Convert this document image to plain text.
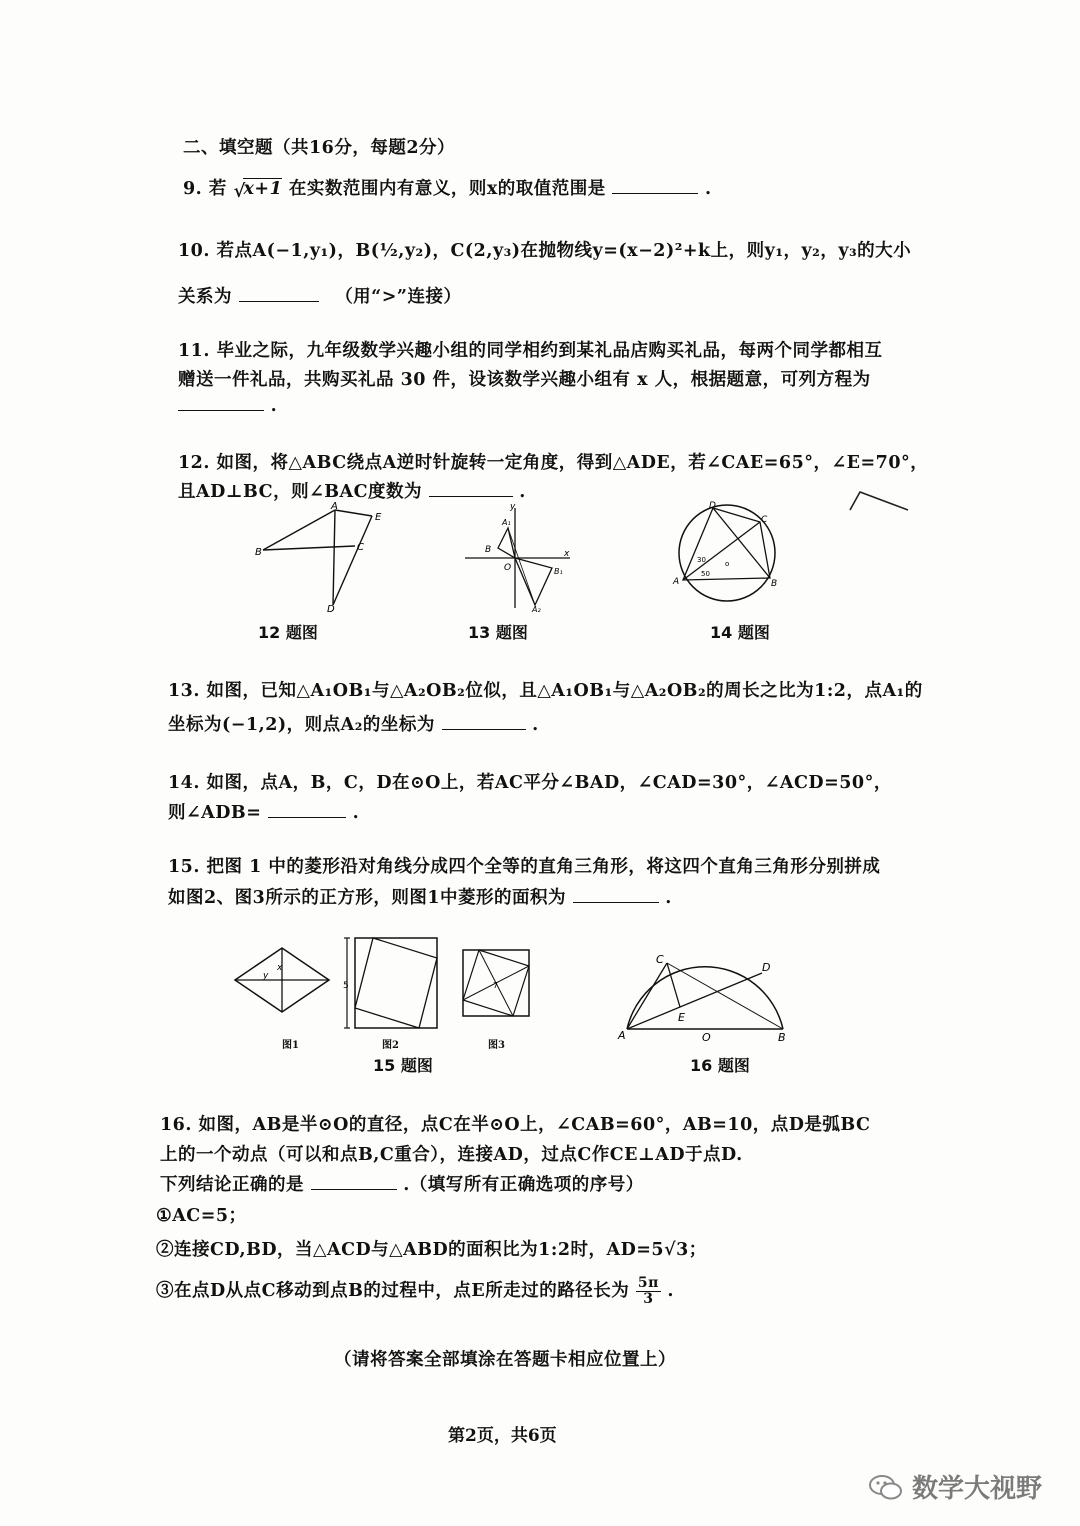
二、填空题（共16分，每题2分）
9. 若 √
x+1 在实数范围内有意义，则x的取值范围是	.
10. 若点A(−1,y₁)，B(½,y₂)，C(2,y₃)在抛物线y=(x−2)²+k上，则y₁，y₂，y₃的大小
关系为	（用“>”连接）
11. 毕业之际，九年级数学兴趣小组的同学相约到某礼品店购买礼品，每两个同学都相互
赠送一件礼品，共购买礼品 30 件，设该数学兴趣小组有 x 人，根据题意，可列方程为
.
12. 如图，将△ABC绕点A逆时针旋转一定角度，得到△ADE，若∠CAE=65°，∠E=70°，
且AD⊥BC，则∠BAC度数为	.
A
B	C
D
E
y
x
A₁
B
O	B₁
A₂
D
C
A	B
30
50
o
12 题图	13 题图	14 题图
13. 如图，已知△A₁OB₁与△A₂OB₂位似，且△A₁OB₁与△A₂OB₂的周长之比为1:2，点A₁的
坐标为(−1,2)，则点A₂的坐标为	.
14. 如图，点A，B，C，D在⊙O上，若AC平分∠BAD，∠CAD=30°，∠ACD=50°，
则∠ADB=	.
15. 把图 1 中的菱形沿对角线分成四个全等的直角三角形，将这四个直角三角形分别拼成
如图2、图3所示的正方形，则图1中菱形的面积为	.
y
x
5	7
图1	图2	图3
15 题图
C
D
A
E
O	B
16 题图
16. 如图，AB是半⊙O的直径，点C在半⊙O上，∠CAB=60°，AB=10，点D是弧BC
上的一个动点（可以和点B,C重合），连接AD，过点C作CE⊥AD于点D.
下列结论正确的是	.（填写所有正确选项的序号）
①AC=5；
②连接CD,BD，当△ACD与△ABD的面积比为1:2时，AD=5√3；
③在点D从点C移动到点B的过程中，点E所走过的路径长为 $\frac{5\pi}{3}$ .
（请将答案全部填涂在答题卡相应位置上）
第2页，共6页
数学大视野
